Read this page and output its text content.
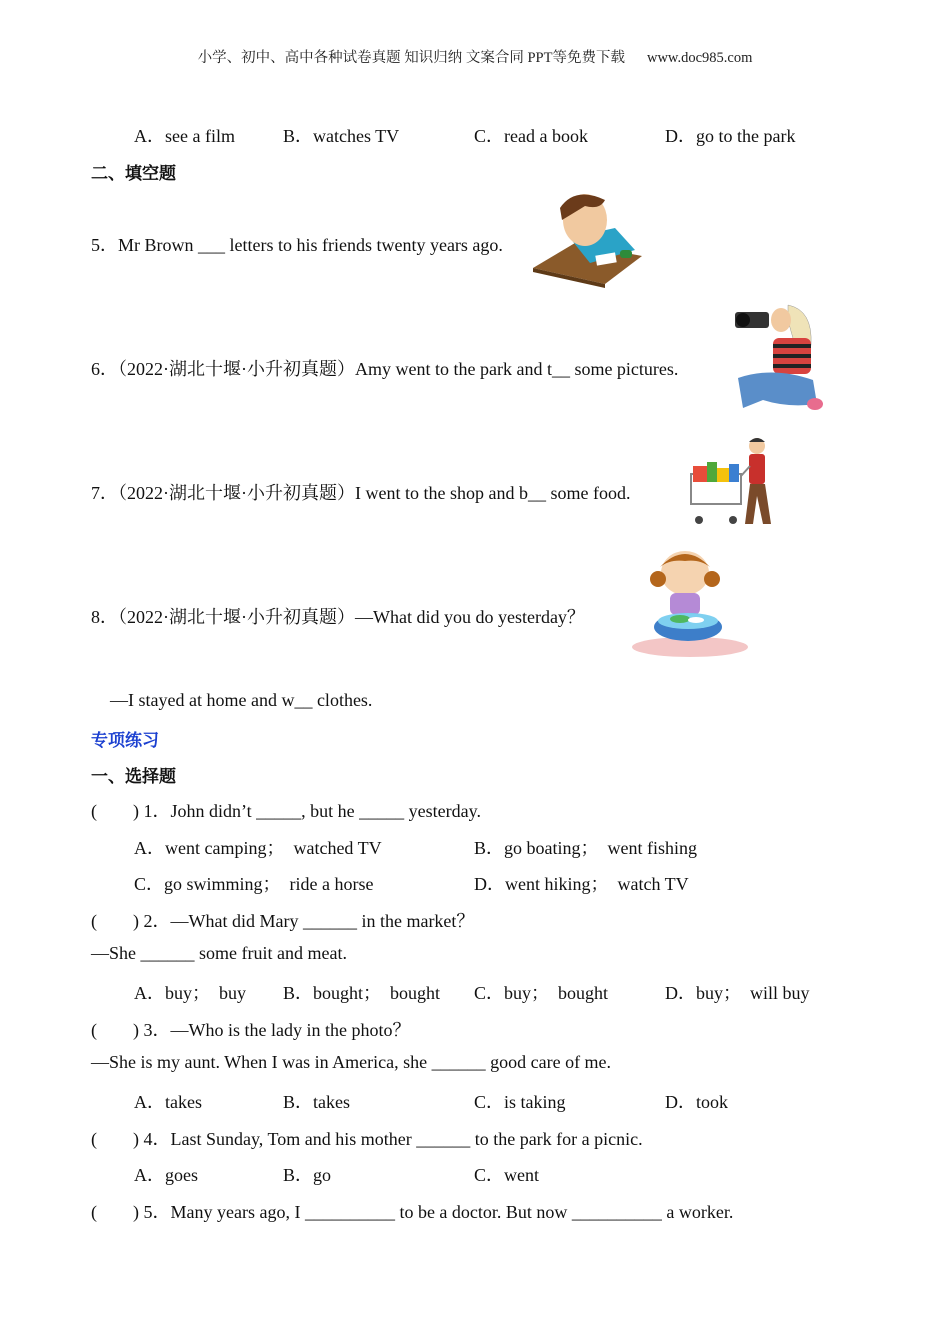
小学、初中、高中各种试卷真题 知识归纳 文案合同 PPT等免费下载 www.doc985.com
A．see a film	B．watches TV	C．read a book	D．go to the park
二、填空题
5．Mr Brown ___ letters to his friends twenty years ago.
6．（2022·湖北十堰·小升初真题）Amy went to the park and t__ some pictures.
7．（2022·湖北十堰·小升初真题）I went to the shop and b__ some food.
8．（2022·湖北十堰·小升初真题）—What did you do yesterday？
—I stayed at home and w__ clothes.
专项练习
一、选择题
(　　) 1．John didn’t _____, but he _____ yesterday.
A．went camping；　watched TV	B．go boating；　went fishing
C．go swimming；　ride a horse	D．went hiking；　watch TV
(　　) 2．—What did Mary ______ in the market？
—She ______ some fruit and meat.
A．buy；　buy B．bought；　bought C．buy；　bought	D．buy；　will buy
(　　) 3．—Who is the lady in the photo？
—She is my aunt. When I was in America, she ______ good care of me.
A．takes	B．takes	C．is taking	D．took
(　　) 4．Last Sunday, Tom and his mother ______ to the park for a picnic.
A．goes	B．go	C．went
(　　) 5．Many years ago, I __________ to be a doctor. But now __________ a worker.
